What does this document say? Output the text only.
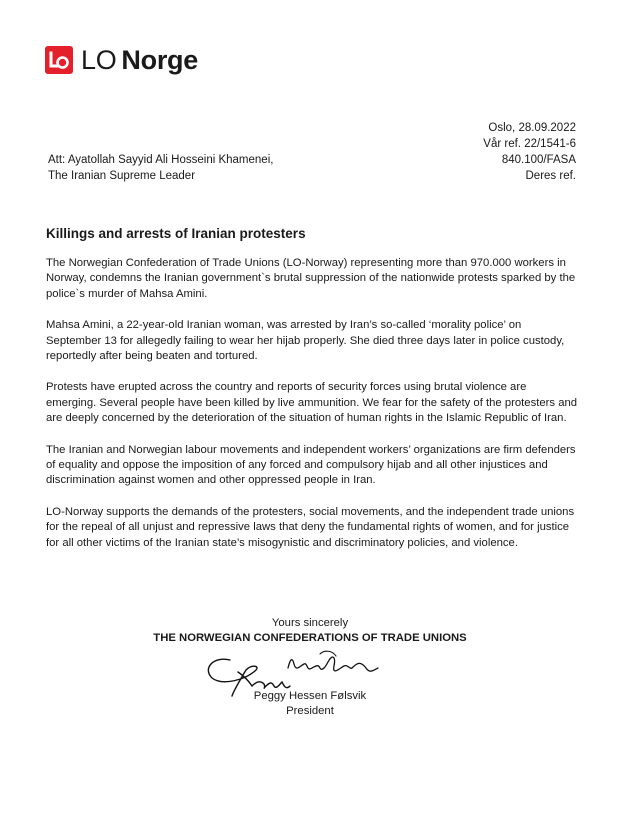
LO Norge
Oslo, 28.09.2022
Vår ref. 22/1541-6
840.100/FASA
Deres ref.
Att: Ayatollah Sayyid Ali Hosseini Khamenei,
The Iranian Supreme Leader
Killings and arrests of Iranian protesters

The Norwegian Confederation of Trade Unions (LO-Norway) representing more than 970.000 workers in Norway, condemns the Iranian government`s brutal suppression of the nationwide protests sparked by the police`s murder of Mahsa Amini.

Mahsa Amini, a 22-year-old Iranian woman, was arrested by Iran’s so-called ‘morality police’ on September 13 for allegedly failing to wear her hijab properly. She died three days later in police custody, reportedly after being beaten and tortured.

Protests have erupted across the country and reports of security forces using brutal violence are emerging. Several people have been killed by live ammunition. We fear for the safety of the protesters and are deeply concerned by the deterioration of the situation of human rights in the Islamic Republic of Iran.

The Iranian and Norwegian labour movements and independent workers’ organizations are firm defenders of equality and oppose the imposition of any forced and compulsory hijab and all other injustices and discrimination against women and other oppressed people in Iran.

LO-Norway supports the demands of the protesters, social movements, and the independent trade unions for the repeal of all unjust and repressive laws that deny the fundamental rights of women, and for justice for all other victims of the Iranian state’s misogynistic and discriminatory policies, and violence.

Yours sincerely
THE NORWEGIAN CONFEDERATIONS OF TRADE UNIONS
Peggy Hessen Følsvik
President
